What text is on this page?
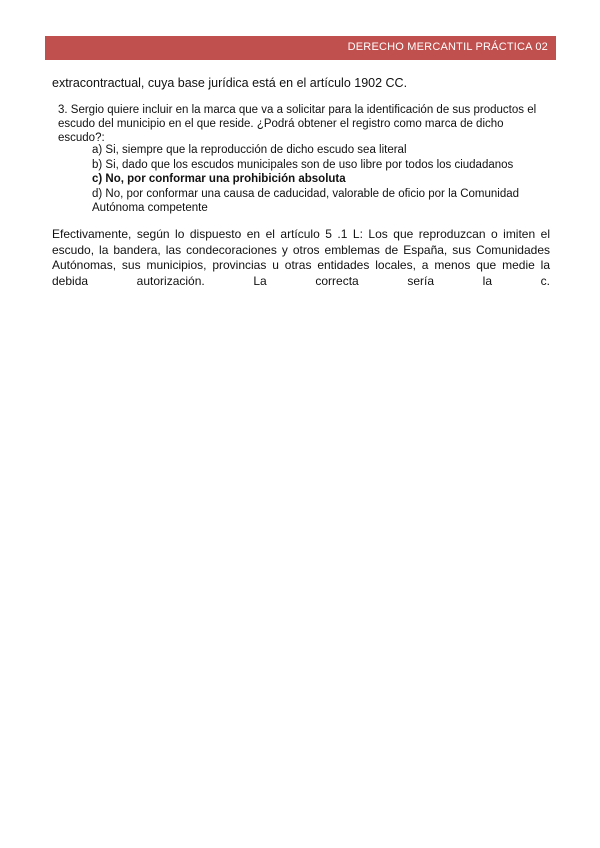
DERECHO MERCANTIL PRÁCTICA 02
extracontractual, cuya base jurídica está en el artículo 1902 CC.
3. Sergio quiere incluir en la marca que va a solicitar para la identificación de sus productos el escudo del municipio en el que reside. ¿Podrá obtener el registro como marca de dicho escudo?:
a) Si, siempre que la reproducción de dicho escudo sea literal
b) Si, dado que los escudos municipales son de uso libre por todos los ciudadanos
c) No, por conformar una prohibición absoluta
d) No, por conformar una causa de caducidad, valorable de oficio por la Comunidad Autónoma competente
Efectivamente, según lo dispuesto en el artículo 5 .1 L: Los que reproduzcan o imiten el escudo, la bandera, las condecoraciones y otros emblemas de España, sus Comunidades Autónomas, sus municipios, provincias u otras entidades locales, a menos que medie la debida autorización. La correcta sería la c.
